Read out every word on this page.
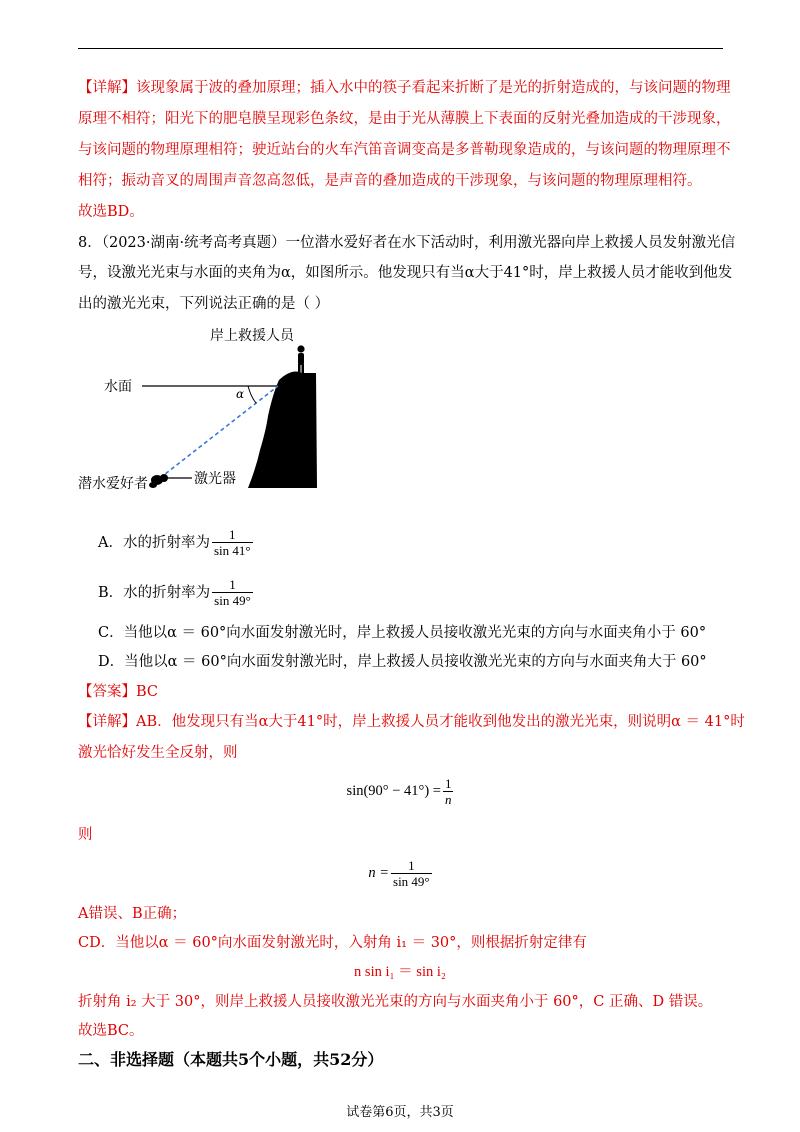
【详解】该现象属于波的叠加原理；插入水中的筷子看起来折断了是光的折射造成的，与该问题的物理
原理不相符；阳光下的肥皂膜呈现彩色条纹，是由于光从薄膜上下表面的反射光叠加造成的干涉现象，
与该问题的物理原理相符；驶近站台的火车汽笛音调变高是多普勒现象造成的，与该问题的物理原理不
相符；振动音叉的周围声音忽高忽低，是声音的叠加造成的干涉现象，与该问题的物理原理相符。
故选BD。
8．（2023·湖南·统考高考真题）一位潜水爱好者在水下活动时，利用激光器向岸上救援人员发射激光信
号，设激光光束与水面的夹角为α，如图所示。他发现只有当α大于41°时，岸上救援人员才能收到他发
出的激光光束，下列说法正确的是（ ）
岸上救援人员
水面	α
激光器
潜水爱好者
A．水的折射率为 $\frac{1}{\sin 41^\circ}$
B．水的折射率为 $\frac{1}{\sin 49^\circ}$
C．当他以α ＝ 60°向水面发射激光时，岸上救援人员接收激光光束的方向与水面夹角小于 60°
D．当他以α ＝ 60°向水面发射激光时，岸上救援人员接收激光光束的方向与水面夹角大于 60°
【答案】BC
【详解】AB．他发现只有当α大于41°时，岸上救援人员才能收到他发出的激光光束，则说明α ＝ 41°时
激光恰好发生全反射，则
$\sin(90^\circ - 41^\circ) = \frac{1}{n}$
则
$n = \frac{1}{\sin 49^\circ}$
A错误、B正确；
CD．当他以α ＝ 60°向水面发射激光时，入射角 i₁ ＝ 30°，则根据折射定律有
n sin i₁ ＝ sin i₂
折射角 i₂ 大于 30°，则岸上救援人员接收激光光束的方向与水面夹角小于 60°，C 正确、D 错误。
故选BC。
二、非选择题（本题共5个小题，共52分）
试卷第6页，共3页
